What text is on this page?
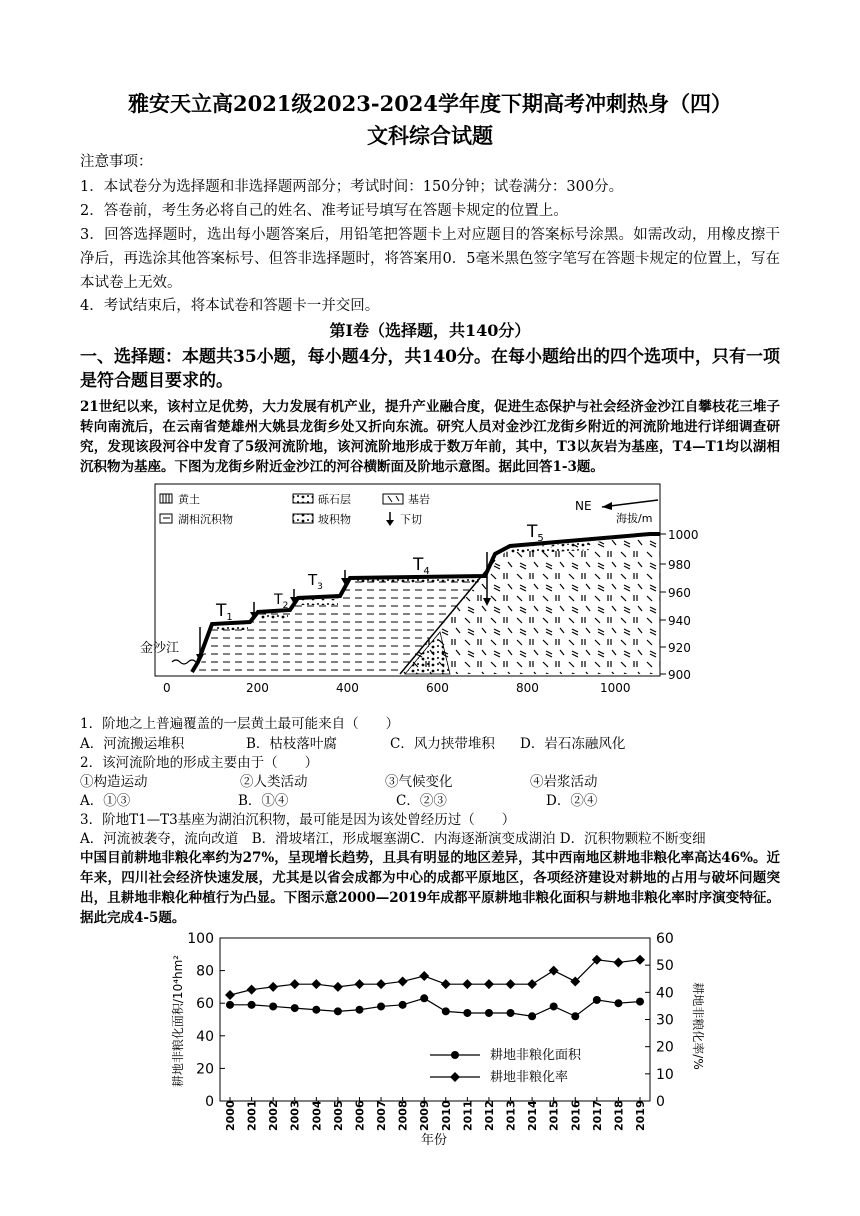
雅安天立高2021级2023-2024学年度下期高考冲刺热身（四）
文科综合试题
注意事项：
1．本试卷分为选择题和非选择题两部分；考试时间：150分钟；试卷满分：300分。
2．答卷前，考生务必将自己的姓名、准考证号填写在答题卡规定的位置上。
3．回答选择题时，选出每小题答案后，用铅笔把答题卡上对应题目的答案标号涂黑。如需改动，用橡皮擦干净后，再选涂其他答案标号、但答非选择题时，将答案用0．5毫米黑色签字笔写在答题卡规定的位置上，写在本试卷上无效。
4．考试结束后，将本试卷和答题卡一并交回。
第Ⅰ卷（选择题，共140分）
一、选择题：本题共35小题，每小题4分，共140分。在每小题给出的四个选项中，只有一项是符合题目要求的。
21世纪以来，该村立足优势，大力发展有机产业，提升产业融合度，促进生态保护与社会经济金沙江自攀枝花三堆子转向南流后，在云南省楚雄州大姚县龙街乡处又折向东流。研究人员对金沙江龙街乡附近的河流阶地进行详细调查研究，发现该段河谷中发育了5级河流阶地，该河流阶地形成于数万年前，其中，T3以灰岩为基座，T4—T1均以湖相沉积物为基座。下图为龙街乡附近金沙江的河谷横断面及阶地示意图。据此回答1-3题。
黄土
湖相沉积物
砾石层
坡积物
基岩
下切
NE
海拔/m
$T_1$
$T_2$
$T_3$
$T_4$
$T_5$
金沙江
1000
980
960
940
920
900
0	200	400	600	800	1000
1．阶地之上普遍覆盖的一层黄土最可能来自（　　）
A．河流搬运堆积	B．枯枝落叶腐	C．风力挟带堆积 D．岩石冻融风化
2．该河流阶地的形成主要由于（　　）
①构造运动	②人类活动	③气候变化	④岩浆活动
A．①③	B．①④	C．②③	D．②④
3．阶地T1—T3基座为湖泊沉积物，最可能是因为该处曾经历过（　　）
A．河流被袭夺，流向改道　B．滑坡堵江，形成堰塞湖C．内海逐渐演变成湖泊 D．沉积物颗粒不断变细
中国目前耕地非粮化率约为27%，呈现增长趋势，且具有明显的地区差异，其中西南地区耕地非粮化率高达46%。近年来，四川社会经济快速发展，尤其是以省会成都为中心的成都平原地区，各项经济建设对耕地的占用与破坏问题突出，且耕地非粮化种植行为凸显。下图示意2000—2019年成都平原耕地非粮化面积与耕地非粮化率时序演变特征。据此完成4-5题。
0
20
40
60
80
100
0
10
20
30
40
50
60
2000 2001 2002 2003 2004 2005 2006 2007 2008 2009 2010 2011 2012 2013 2014 2015 2016 2017 2018 2019
耕地非粮化面积/10⁴hm²	耕地非粮化率/%
年份
耕地非粮化面积
耕地非粮化率
